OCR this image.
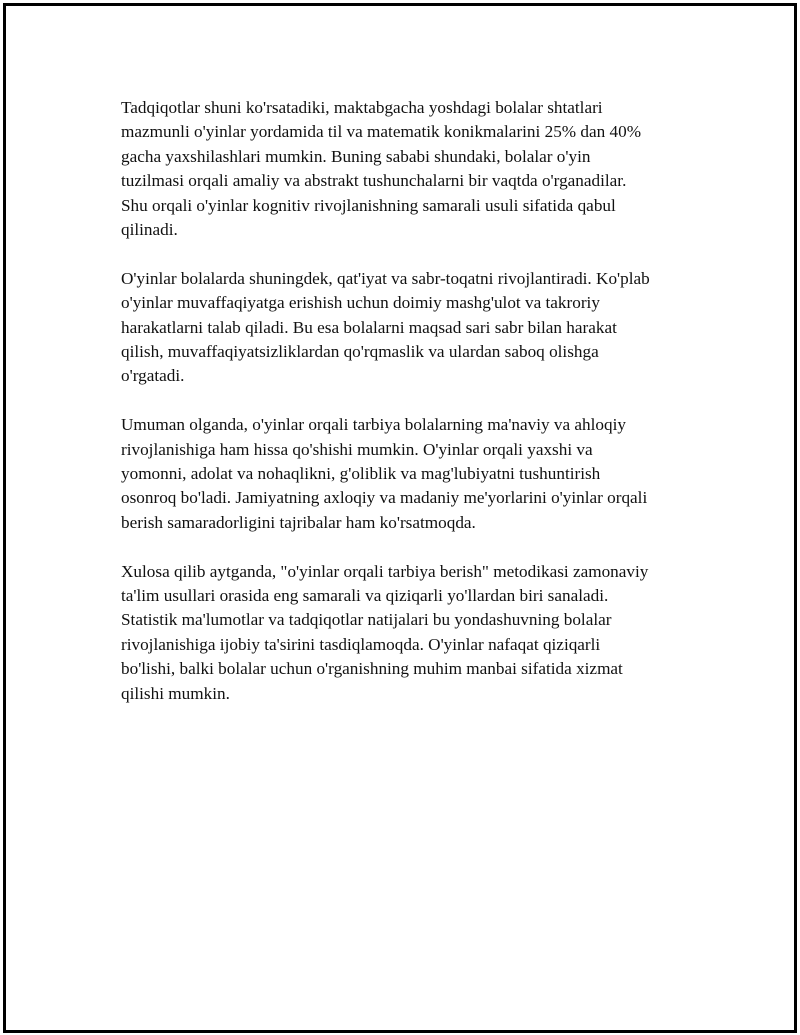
Tadqiqotlar shuni ko'rsatadiki, maktabgacha yoshdagi bolalar shtatlari
mazmunli o'yinlar yordamida til va matematik konikmalarini 25% dan 40%
gacha yaxshilashlari mumkin. Buning sababi shundaki, bolalar o'yin
tuzilmasi orqali amaliy va abstrakt tushunchalarni bir vaqtda o'rganadilar.
Shu orqali o'yinlar kognitiv rivojlanishning samarali usuli sifatida qabul
qilinadi.

O'yinlar bolalarda shuningdek, qat'iyat va sabr-toqatni rivojlantiradi. Ko'plab
o'yinlar muvaffaqiyatga erishish uchun doimiy mashg'ulot va takroriy
harakatlarni talab qiladi. Bu esa bolalarni maqsad sari sabr bilan harakat
qilish, muvaffaqiyatsizliklardan qo'rqmaslik va ulardan saboq olishga
o'rgatadi.

Umuman olganda, o'yinlar orqali tarbiya bolalarning ma'naviy va ahloqiy
rivojlanishiga ham hissa qo'shishi mumkin. O'yinlar orqali yaxshi va
yomonni, adolat va nohaqlikni, g'oliblik va mag'lubiyatni tushuntirish
osonroq bo'ladi. Jamiyatning axloqiy va madaniy me'yorlarini o'yinlar orqali
berish samaradorligini tajribalar ham ko'rsatmoqda.

Xulosa qilib aytganda, "o'yinlar orqali tarbiya berish" metodikasi zamonaviy
ta'lim usullari orasida eng samarali va qiziqarli yo'llardan biri sanaladi.
Statistik ma'lumotlar va tadqiqotlar natijalari bu yondashuvning bolalar
rivojlanishiga ijobiy ta'sirini tasdiqlamoqda. O'yinlar nafaqat qiziqarli
bo'lishi, balki bolalar uchun o'rganishning muhim manbai sifatida xizmat
qilishi mumkin.
